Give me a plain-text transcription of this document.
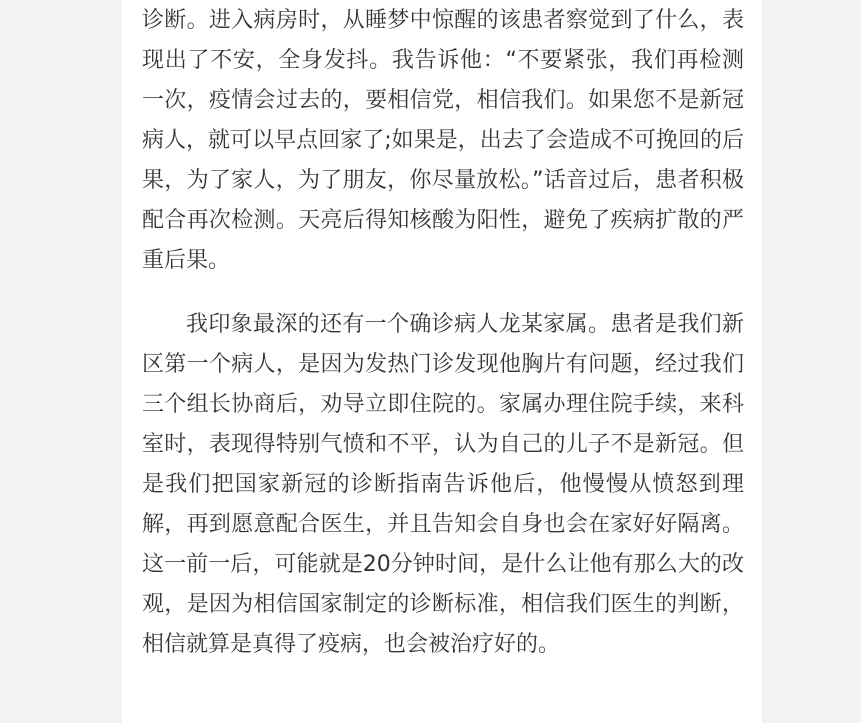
诊断。进入病房时，从睡梦中惊醒的该患者察觉到了什么，表现出了不安，全身发抖。我告诉他：“不要紧张，我们再检测一次，疫情会过去的，要相信党，相信我们。如果您不是新冠病人，就可以早点回家了;如果是，出去了会造成不可挽回的后果，为了家人，为了朋友，你尽量放松。”话音过后，患者积极配合再次检测。天亮后得知核酸为阳性，避免了疾病扩散的严重后果。

我印象最深的还有一个确诊病人龙某家属。患者是我们新区第一个病人，是因为发热门诊发现他胸片有问题，经过我们三个组长协商后，劝导立即住院的。家属办理住院手续，来科室时，表现得特别气愤和不平，认为自己的儿子不是新冠。但是我们把国家新冠的诊断指南告诉他后，他慢慢从愤怒到理解，再到愿意配合医生，并且告知会自身也会在家好好隔离。这一前一后，可能就是20分钟时间，是什么让他有那么大的改观，是因为相信国家制定的诊断标准，相信我们医生的判断，相信就算是真得了疫病，也会被治疗好的。
